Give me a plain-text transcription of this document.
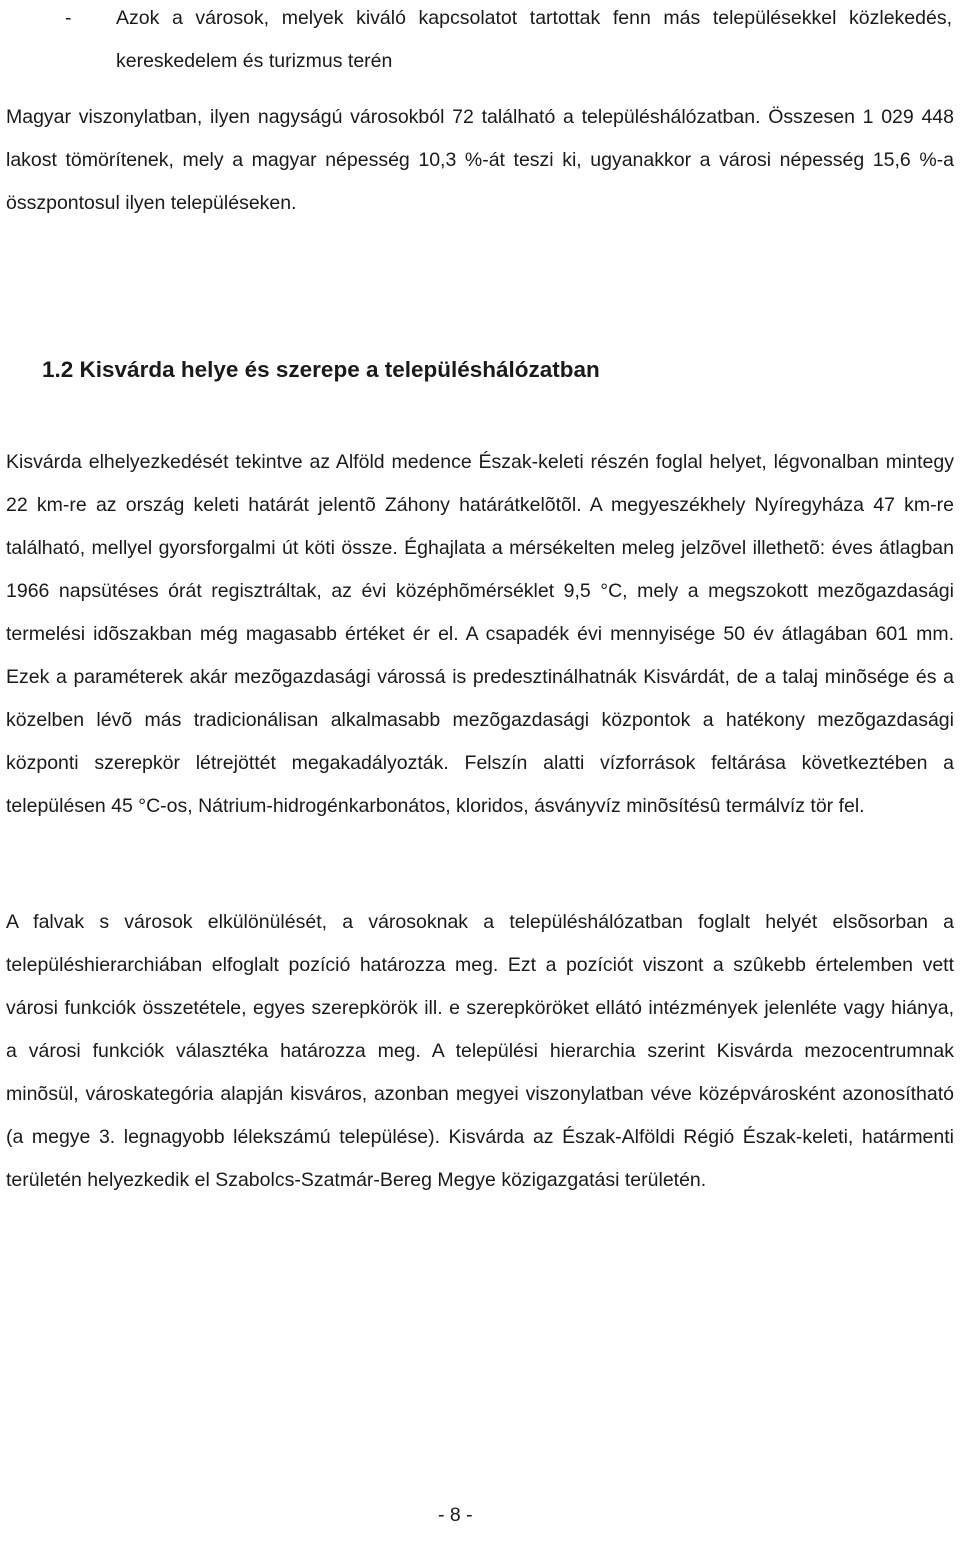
- Azok a városok, melyek kiváló kapcsolatot tartottak fenn más településekkel közlekedés, kereskedelem és turizmus terén

Magyar viszonylatban, ilyen nagyságú városokból 72 található a településhálózatban. Összesen 1 029 448 lakost tömörítenek, mely a magyar népesség 10,3 %-át teszi ki, ugyanakkor a városi népesség 15,6 %-a összpontosul ilyen településeken.

1.2 Kisvárda helye és szerepe a településhálózatban

Kisvárda elhelyezkedését tekintve az Alföld medence Észak-keleti részén foglal helyet, légvonalban mintegy 22 km-re az ország keleti határát jelentõ Záhony határátkelõtõl. A megyeszékhely Nyíregyháza 47 km-re található, mellyel gyorsforgalmi út köti össze. Éghajlata a mérsékelten meleg jelzõvel illethetõ: éves átlagban 1966 napsütéses órát regisztráltak, az évi középhõmérséklet 9,5 °C, mely a megszokott mezõgazdasági termelési idõszakban még magasabb értéket ér el. A csapadék évi mennyisége 50 év átlagában 601 mm. Ezek a paraméterek akár mezõgazdasági várossá is predesztinálhatnák Kisvárdát, de a talaj minõsége és a közelben lévõ más tradicionálisan alkalmasabb mezõgazdasági központok a hatékony mezõgazdasági központi szerepkör létrejöttét megakadályozták. Felszín alatti vízforrások feltárása következtében a településen 45 °C-os, Nátrium-hidrogénkarbonátos, kloridos, ásványvíz minõsítésû termálvíz tör fel.

A falvak s városok elkülönülését, a városoknak a településhálózatban foglalt helyét elsõsorban a településhierarchiában elfoglalt pozíció határozza meg. Ezt a pozíciót viszont a szûkebb értelemben vett városi funkciók összetétele, egyes szerepkörök ill. e szerepköröket ellátó intézmények jelenléte vagy hiánya, a városi funkciók választéka határozza meg. A települési hierarchia szerint Kisvárda mezocentrumnak minõsül, városkategória alapján kisváros, azonban megyei viszonylatban véve középvárosként azonosítható (a megye 3. legnagyobb lélekszámú települése). Kisvárda az Észak-Alföldi Régió Észak-keleti, határmenti területén helyezkedik el Szabolcs-Szatmár-Bereg Megye közigazgatási területén.

- 8 -
